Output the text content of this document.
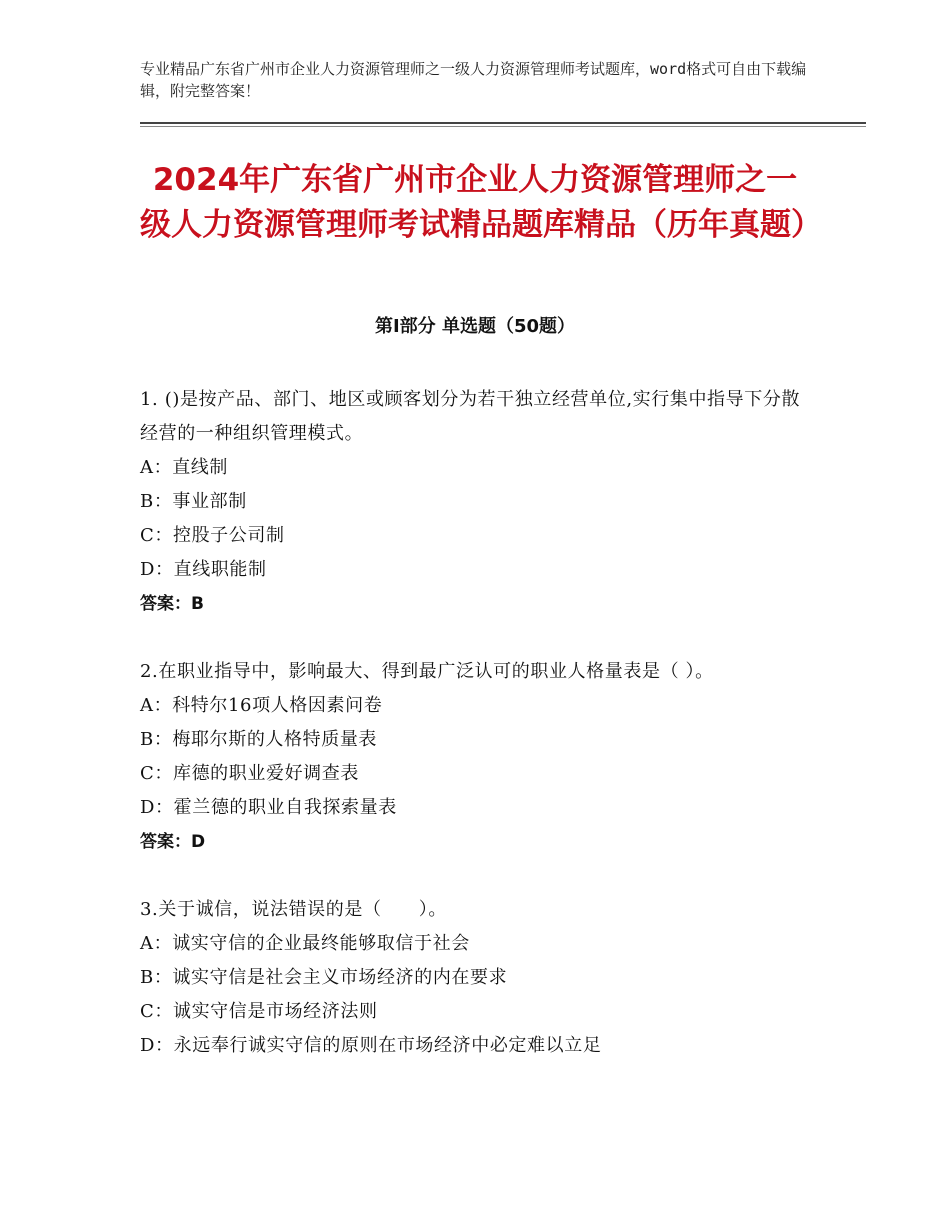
专业精品广东省广州市企业人力资源管理师之一级人力资源管理师考试题库，word格式可自由下载编辑，附完整答案！
2024年广东省广州市企业人力资源管理师之一级人力资源管理师考试精品题库精品（历年真题）
第Ⅰ部分 单选题（50题）
1. ()是按产品、部门、地区或顾客划分为若干独立经营单位,实行集中指导下分散经营的一种组织管理模式。
A：直线制
B：事业部制
C：控股子公司制
D：直线职能制
答案：B
2.在职业指导中，影响最大、得到最广泛认可的职业人格量表是（ ）。
A：科特尔16项人格因素问卷
B：梅耶尔斯的人格特质量表
C：库德的职业爱好调查表
D：霍兰德的职业自我探索量表
答案：D
3.关于诚信，说法错误的是（　　）。
A：诚实守信的企业最终能够取信于社会
B：诚实守信是社会主义市场经济的内在要求
C：诚实守信是市场经济法则
D：永远奉行诚实守信的原则在市场经济中必定难以立足
